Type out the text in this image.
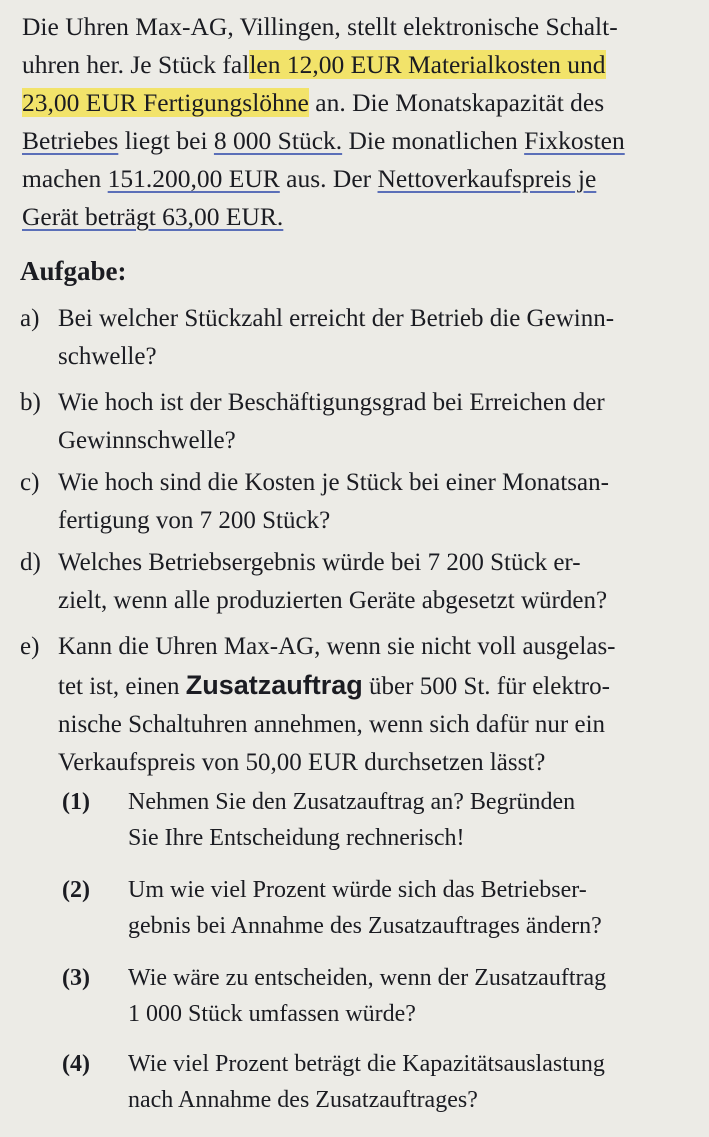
Die Uhren Max-AG, Villingen, stellt elektronische Schalt-
uhren her. Je Stück fallen 12,00 EUR Materialkosten und
23,00 EUR Fertigungslöhne an. Die Monatskapazität des
Betriebes liegt bei 8 000 Stück. Die monatlichen Fixkosten
machen 151.200,00 EUR aus. Der Nettoverkaufspreis je
Gerät beträgt 63,00 EUR.
Aufgabe:
a) Bei welcher Stückzahl erreicht der Betrieb die Gewinn-
schwelle?
b) Wie hoch ist der Beschäftigungsgrad bei Erreichen der
Gewinnschwelle?
c) Wie hoch sind die Kosten je Stück bei einer Monatsan-
fertigung von 7 200 Stück?
d) Welches Betriebsergebnis würde bei 7 200 Stück er-
zielt, wenn alle produzierten Geräte abgesetzt würden?
e) Kann die Uhren Max-AG, wenn sie nicht voll ausgelas-
tet ist, einen Zusatzauftrag über 500 St. für elektro-
nische Schaltuhren annehmen, wenn sich dafür nur ein
Verkaufspreis von 50,00 EUR durchsetzen lässt?
(1) Nehmen Sie den Zusatzauftrag an? Begründen
Sie Ihre Entscheidung rechnerisch!
(2) Um wie viel Prozent würde sich das Betriebser-
gebnis bei Annahme des Zusatzauftrages ändern?
(3) Wie wäre zu entscheiden, wenn der Zusatzauftrag
1 000 Stück umfassen würde?
(4) Wie viel Prozent beträgt die Kapazitätsauslastung
nach Annahme des Zusatzauftrages?
